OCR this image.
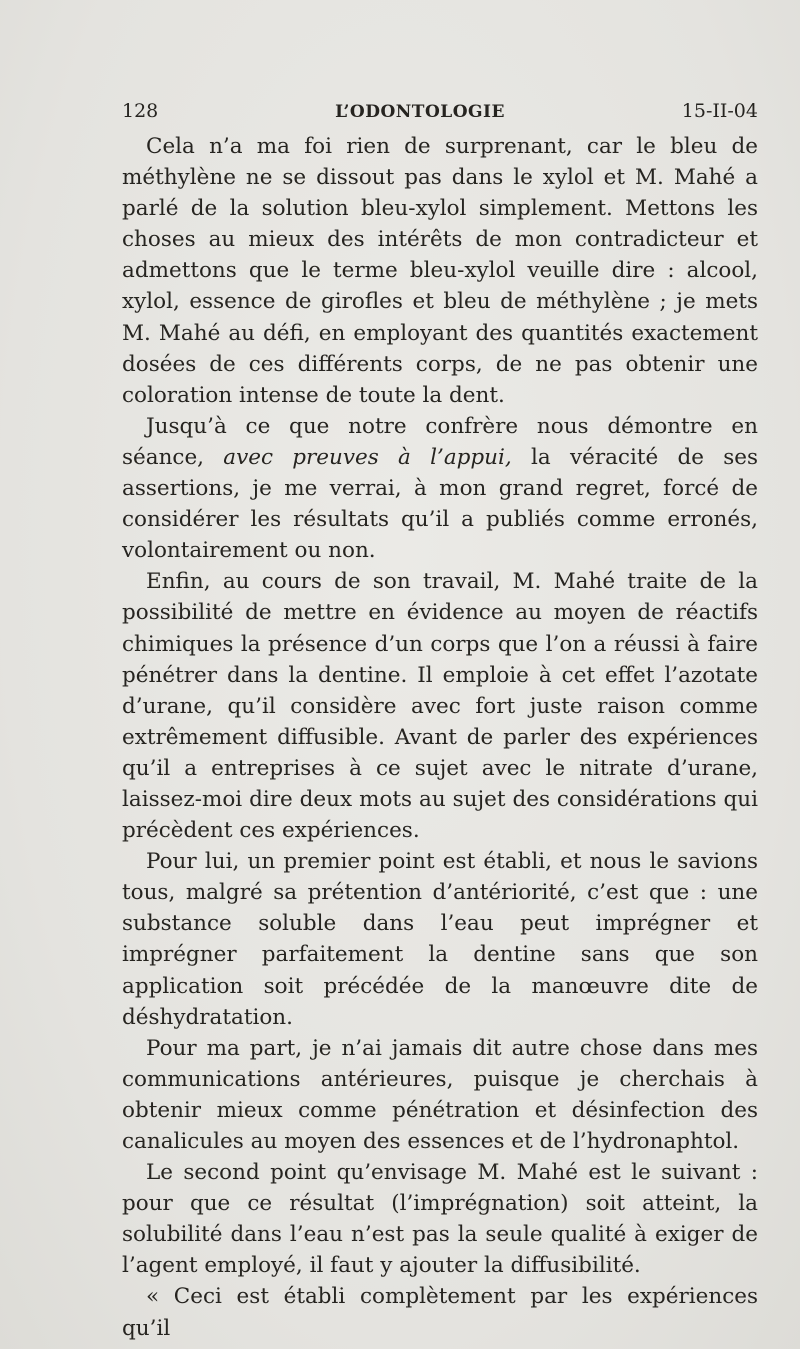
128	L’ODONTOLOGIE	15-II-04

Cela n’a ma foi rien de surprenant, car le bleu de méthylène ne se dissout pas dans le xylol et M. Mahé a parlé de la solution bleu-xylol simplement. Mettons les choses au mieux des intérêts de mon contradicteur et admettons que le terme bleu-xylol veuille dire : alcool, xylol, essence de girofles et bleu de méthylène ; je mets M. Mahé au défi, en employant des quantités exactement dosées de ces différents corps, de ne pas obtenir une coloration intense de toute la dent.

Jusqu’à ce que notre confrère nous démontre en séance, avec preuves à l’appui, la véracité de ses assertions, je me verrai, à mon grand regret, forcé de considérer les résultats qu’il a publiés comme erronés, volontairement ou non.

Enfin, au cours de son travail, M. Mahé traite de la possibilité de mettre en évidence au moyen de réactifs chimiques la présence d’un corps que l’on a réussi à faire pénétrer dans la dentine. Il emploie à cet effet l’azotate d’urane, qu’il considère avec fort juste raison comme extrêmement diffusible. Avant de parler des expériences qu’il a entreprises à ce sujet avec le nitrate d’urane, laissez-moi dire deux mots au sujet des considérations qui précèdent ces expériences.

Pour lui, un premier point est établi, et nous le savions tous, malgré sa prétention d’antériorité, c’est que : une substance soluble dans l’eau peut imprégner et imprégner parfaitement la dentine sans que son application soit précédée de la manœuvre dite de déshydratation.

Pour ma part, je n’ai jamais dit autre chose dans mes communications antérieures, puisque je cherchais à obtenir mieux comme pénétration et désinfection des canalicules au moyen des essences et de l’hydronaphtol.

Le second point qu’envisage M. Mahé est le suivant : pour que ce résultat (l’imprégnation) soit atteint, la solubilité dans l’eau n’est pas la seule qualité à exiger de l’agent employé, il faut y ajouter la diffusibilité.

« Ceci est établi complètement par les expériences qu’il
